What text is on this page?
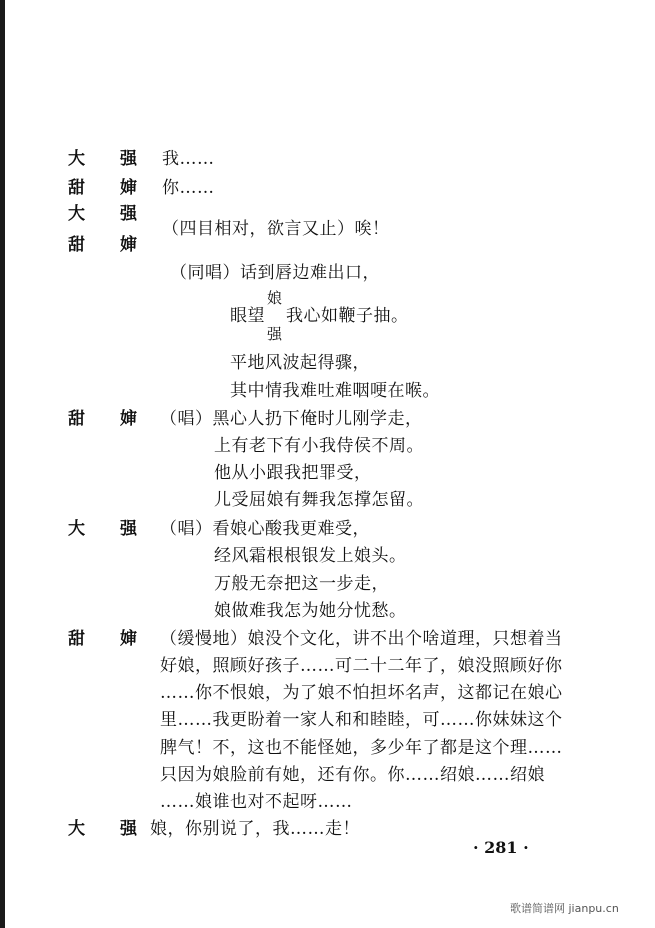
大 强 我……
甜 婶 你……
大 强
（四目相对，欲言又止）唉！
甜 婶
（同唱）话到唇边难出口，
眼望
娘
强
我心如鞭子抽。
平地风波起得骤，
其中情我难吐难咽哽在喉。
甜 婶 （唱）黑心人扔下俺时儿刚学走，
上有老下有小我侍侯不周。
他从小跟我把罪受，
儿受屈娘有舞我怎撑怎留。
大 强 （唱）看娘心酸我更难受，
经风霜根根银发上娘头。
万般无奈把这一步走，
娘做难我怎为她分忧愁。
甜 婶 （缓慢地）娘没个文化，讲不出个啥道理，只想着当
好娘，照顾好孩子……可二十二年了，娘没照顾好你
……你不恨娘，为了娘不怕担坏名声，这都记在娘心
里……我更盼着一家人和和睦睦，可……你妹妹这个
脾气！不，这也不能怪她，多少年了都是这个理……
只因为娘脸前有她，还有你。你……绍娘……绍娘
……娘谁也对不起呀……
大 强 娘，你别说了，我……走！
· 281 ·
歌谱简谱网 jianpu.cn
